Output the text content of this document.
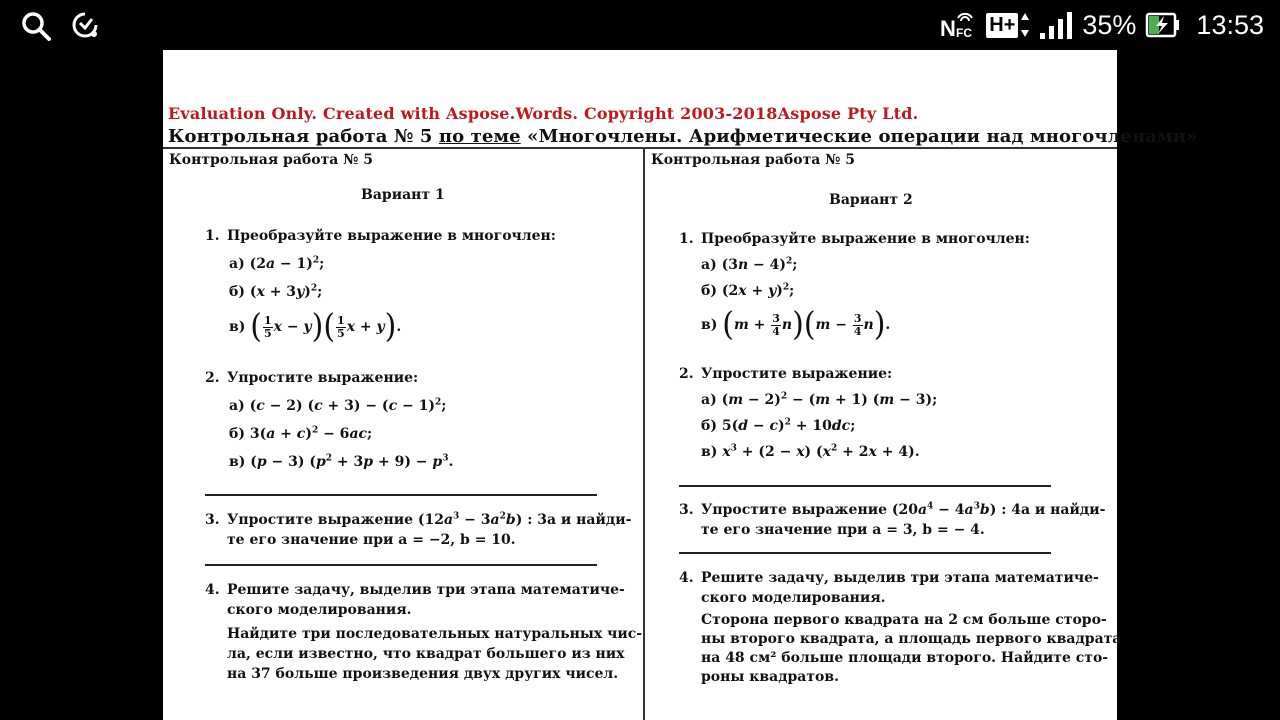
N FC H+ 35% 13:53
Evaluation Only. Created with Aspose.Words. Copyright 2003-2018Aspose Pty Ltd.
Контрольная работа № 5 по теме «Многочлены. Арифметические операции над многочленами»
Контрольная работа № 5
Вариант 1
1. Преобразуйте выражение в многочлен:
а) $(2a - 1)^2$;
б) $(x + 3y)^2$;
в) ( $\frac{1}{5}$ $x - y)( \frac{1}{5}$ x + y).
2. Упростите выражение:
а) (c − 2) $(c + 3) - (c - 1)^2$;
б) $3(a + c)^2 - 6ac$;
в) (p − 3) $(p^2 + 3p + 9) - p^3$.
3. Упростите выражение $(12a^3 - 3a^2b)$ : 3a и найди-
те его значение при a = −2, b = 10.
4. Решите задачу, выделив три этапа математиче-
ского моделирования.
Найдите три последовательных натуральных чис-
ла, если известно, что квадрат большего из них
на 37 больше произведения двух других чисел.
Контрольная работа № 5
Вариант 2
1. Преобразуйте выражение в многочлен:
а) $(3n - 4)^2$;
б) $(2x + y)^2$;
в) $(m + \frac{3}{4} n)(m - \frac{3}{4} n)$.
2. Упростите выражение:
а) $(m - 2)^2 - (m + 1)$ (m − 3);
б) $5(d - c)^2 + 10dc$;
в) $x^3 + (2 - x) (x^2 + 2x + 4)$.
3. Упростите выражение $(20a^4 - 4a^3b)$ : 4a и найди-
те его значение при a = 3, b = − 4.
4. Решите задачу, выделив три этапа математиче-
ского моделирования.
Сторона первого квадрата на 2 см больше сторо-
ны второго квадрата, а площадь первого квадрата
на 48 см² больше площади второго. Найдите сто-
роны квадратов.
